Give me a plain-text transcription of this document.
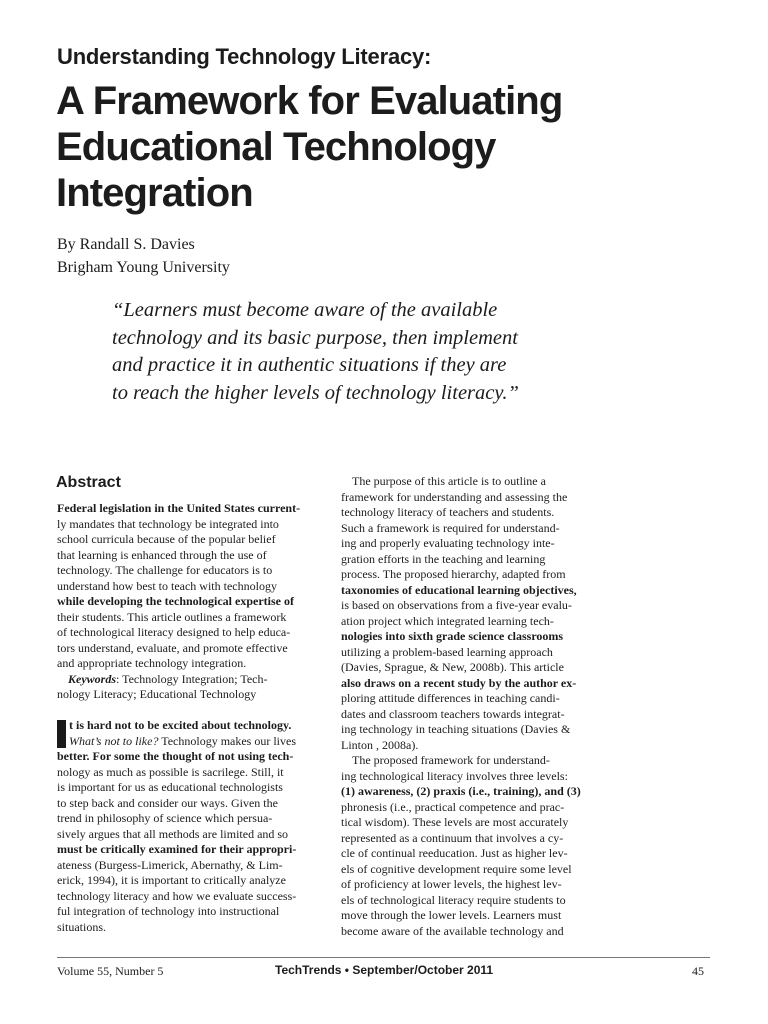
Understanding Technology Literacy:
A Framework for Evaluating
Educational Technology
Integration
By Randall S. Davies
Brigham Young University
“Learners must become aware of the available
technology and its basic purpose, then implement
and practice it in authentic situations if they are
to reach the higher levels of technology literacy.”
Abstract
Federal legislation in the United States current-
ly mandates that technology be integrated into
school curricula because of the popular belief
that learning is enhanced through the use of
technology. The challenge for educators is to
understand how best to teach with technology
while developing the technological expertise of
their students. This article outlines a framework
of technological literacy designed to help educa-
tors understand, evaluate, and promote effective
and appropriate technology integration.
Keywords: Technology Integration; Tech-
nology Literacy; Educational Technology
t is hard not to be excited about technology.
What’s not to like? Technology makes our lives
better. For some the thought of not using tech-
nology as much as possible is sacrilege. Still, it
is important for us as educational technologists
to step back and consider our ways. Given the
trend in philosophy of science which persua-
sively argues that all methods are limited and so
must be critically examined for their appropri-
ateness (Burgess-Limerick, Abernathy, & Lim-
erick, 1994), it is important to critically analyze
technology literacy and how we evaluate success-
ful integration of technology into instructional
situations.
The purpose of this article is to outline a
framework for understanding and assessing the
technology literacy of teachers and students.
Such a framework is required for understand-
ing and properly evaluating technology inte-
gration efforts in the teaching and learning
process. The proposed hierarchy, adapted from
taxonomies of educational learning objectives,
is based on observations from a five-year evalu-
ation project which integrated learning tech-
nologies into sixth grade science classrooms
utilizing a problem-based learning approach
(Davies, Sprague, & New, 2008b). This article
also draws on a recent study by the author ex-
ploring attitude differences in teaching candi-
dates and classroom teachers towards integrat-
ing technology in teaching situations (Davies &
Linton , 2008a).
The proposed framework for understand-
ing technological literacy involves three levels:
(1) awareness, (2) praxis (i.e., training), and (3)
phronesis (i.e., practical competence and prac-
tical wisdom). These levels are most accurately
represented as a continuum that involves a cy-
cle of continual reeducation. Just as higher lev-
els of cognitive development require some level
of proficiency at lower levels, the highest lev-
els of technological literacy require students to
move through the lower levels. Learners must
become aware of the available technology and
Volume 55, Number 5	TechTrends • September/October 2011	45
